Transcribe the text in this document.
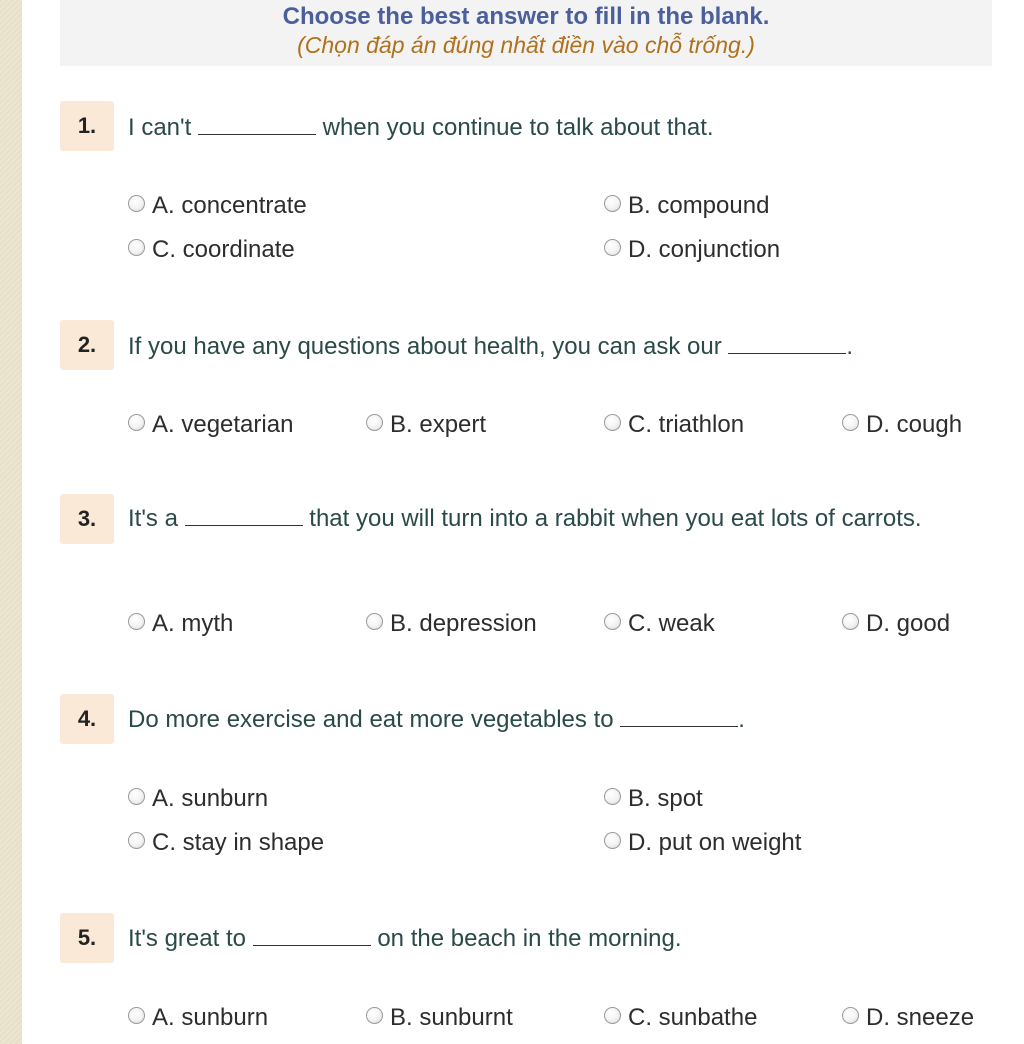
Choose the best answer to fill in the blank.
(Chọn đáp án đúng nhất điền vào chỗ trống.)
1.	I can't	when you continue to talk about that.
A. concentrate	B. compound
C. coordinate	D. conjunction
2.	If you have any questions about health, you can ask our	.
A. vegetarian	B. expert	C. triathlon	D. cough
3.	It's a	that you will turn into a rabbit when you eat lots of carrots.
A. myth	B. depression	C. weak	D. good
4.	Do more exercise and eat more vegetables to	.
A. sunburn	B. spot
C. stay in shape	D. put on weight
5.	It's great to	on the beach in the morning.
A. sunburn	B. sunburnt	C. sunbathe	D. sneeze
